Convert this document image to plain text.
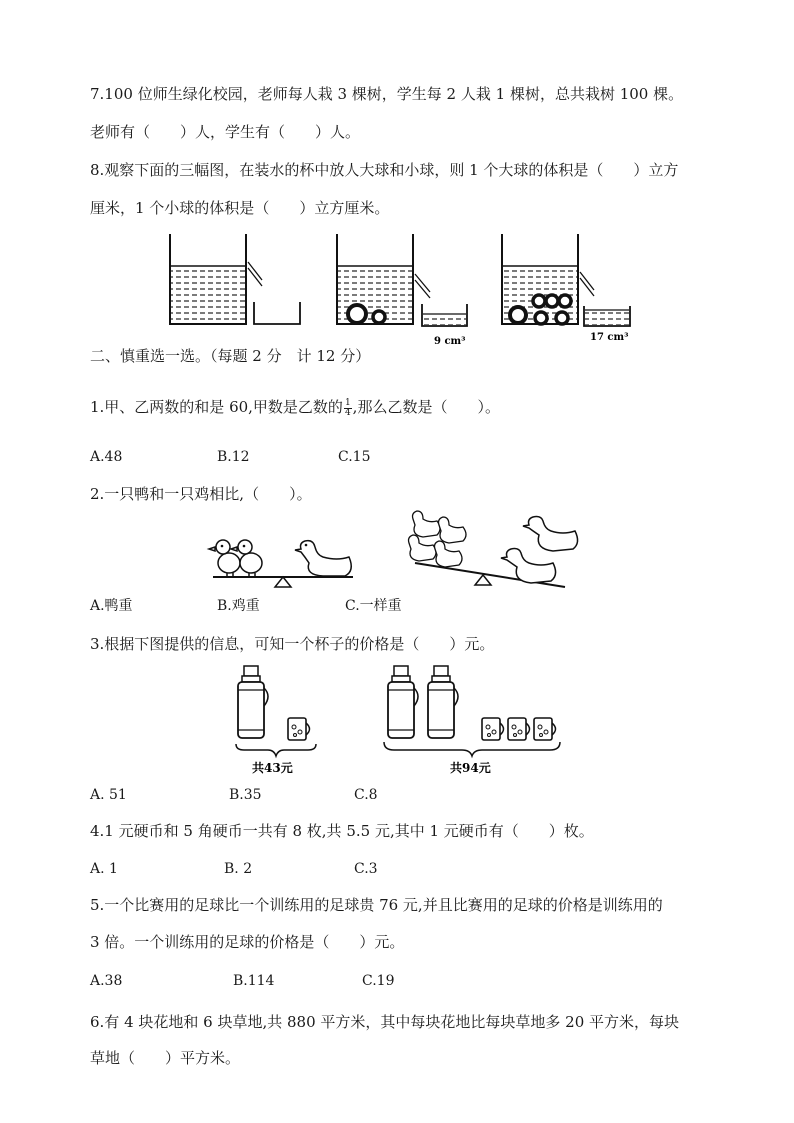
7.100 位师生绿化校园，老师每人栽 3 棵树，学生每 2 人栽 1 棵树，总共栽树 100 棵。
老师有（　　）人，学生有（　　）人。
8.观察下面的三幅图，在装水的杯中放人大球和小球，则 1 个大球的体积是（　　）立方
厘米，1 个小球的体积是（　　）立方厘米。
9 cm³	17 cm³
二、慎重选一选。（每题 2 分　计 12 分）
1.甲、乙两数的和是 60,甲数是乙数的 $\frac{1}{4}$ ,那么乙数是（　　）。
A.48	B.12	C.15
2.一只鸭和一只鸡相比,（　　）。
A.鸭重	B.鸡重	C.一样重
3.根据下图提供的信息，可知一个杯子的价格是（　　）元。
共43元	共94元
A. 51	B.35	C.8
4.1 元硬币和 5 角硬币一共有 8 枚,共 5.5 元,其中 1 元硬币有（　　）枚。
A. 1	B. 2	C.3
5.一个比赛用的足球比一个训练用的足球贵 76 元,并且比赛用的足球的价格是训练用的
3 倍。一个训练用的足球的价格是（　　）元。
A.38	B.114	C.19
6.有 4 块花地和 6 块草地,共 880 平方米，其中每块花地比每块草地多 20 平方米，每块
草地（　　）平方米。
